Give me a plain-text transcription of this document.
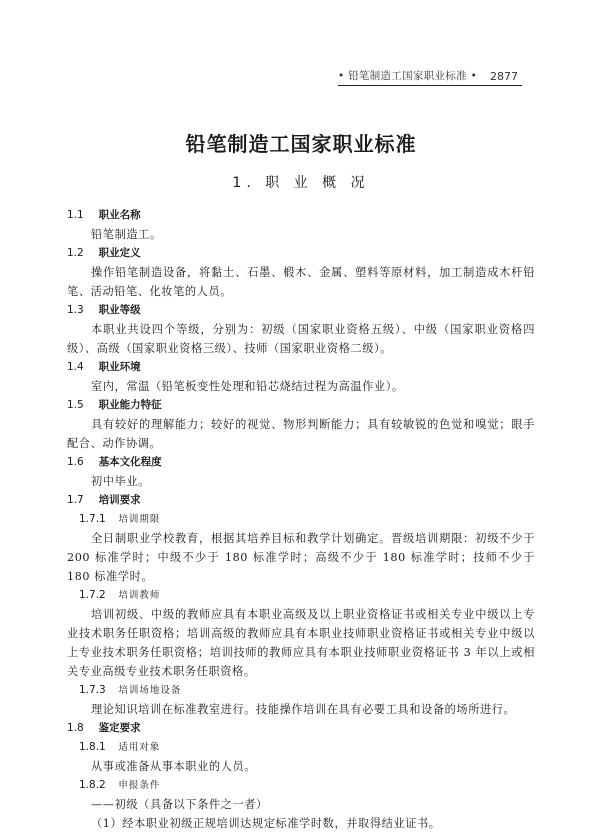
• 铅笔制造工国家职业标准 •	2877
铅笔制造工国家职业标准
1. 职 业 概 况
1.1 职业名称
铅笔制造工。
1.2 职业定义
操作铅笔制造设备，将黏土、石墨、椴木、金属、塑料等原材料，加工制造成木杆铅笔、活动铅笔、化妆笔的人员。
1.3 职业等级
本职业共设四个等级，分别为：初级（国家职业资格五级）、中级（国家职业资格四级）、高级（国家职业资格三级）、技师（国家职业资格二级）。
1.4 职业环境
室内，常温（铅笔板变性处理和铅芯烧结过程为高温作业）。
1.5 职业能力特征
具有较好的理解能力；较好的视觉、物形判断能力；具有较敏锐的色觉和嗅觉；眼手配合、动作协调。
1.6 基本文化程度
初中毕业。
1.7 培训要求
1.7.1 培训期限
全日制职业学校教育，根据其培养目标和教学计划确定。晋级培训期限：初级不少于 200 标准学时；中级不少于 180 标准学时；高级不少于 180 标准学时；技师不少于 180 标准学时。
1.7.2 培训教师
培训初级、中级的教师应具有本职业高级及以上职业资格证书或相关专业中级以上专业技术职务任职资格；培训高级的教师应具有本职业技师职业资格证书或相关专业中级以上专业技术职务任职资格；培训技师的教师应具有本职业技师职业资格证书 3 年以上或相关专业高级专业技术职务任职资格。
1.7.3 培训场地设备
理论知识培训在标准教室进行。技能操作培训在具有必要工具和设备的场所进行。
1.8 鉴定要求
1.8.1 适用对象
从事或准备从事本职业的人员。
1.8.2 申报条件
——初级（具备以下条件之一者）
（1）经本职业初级正规培训达规定标准学时数，并取得结业证书。
